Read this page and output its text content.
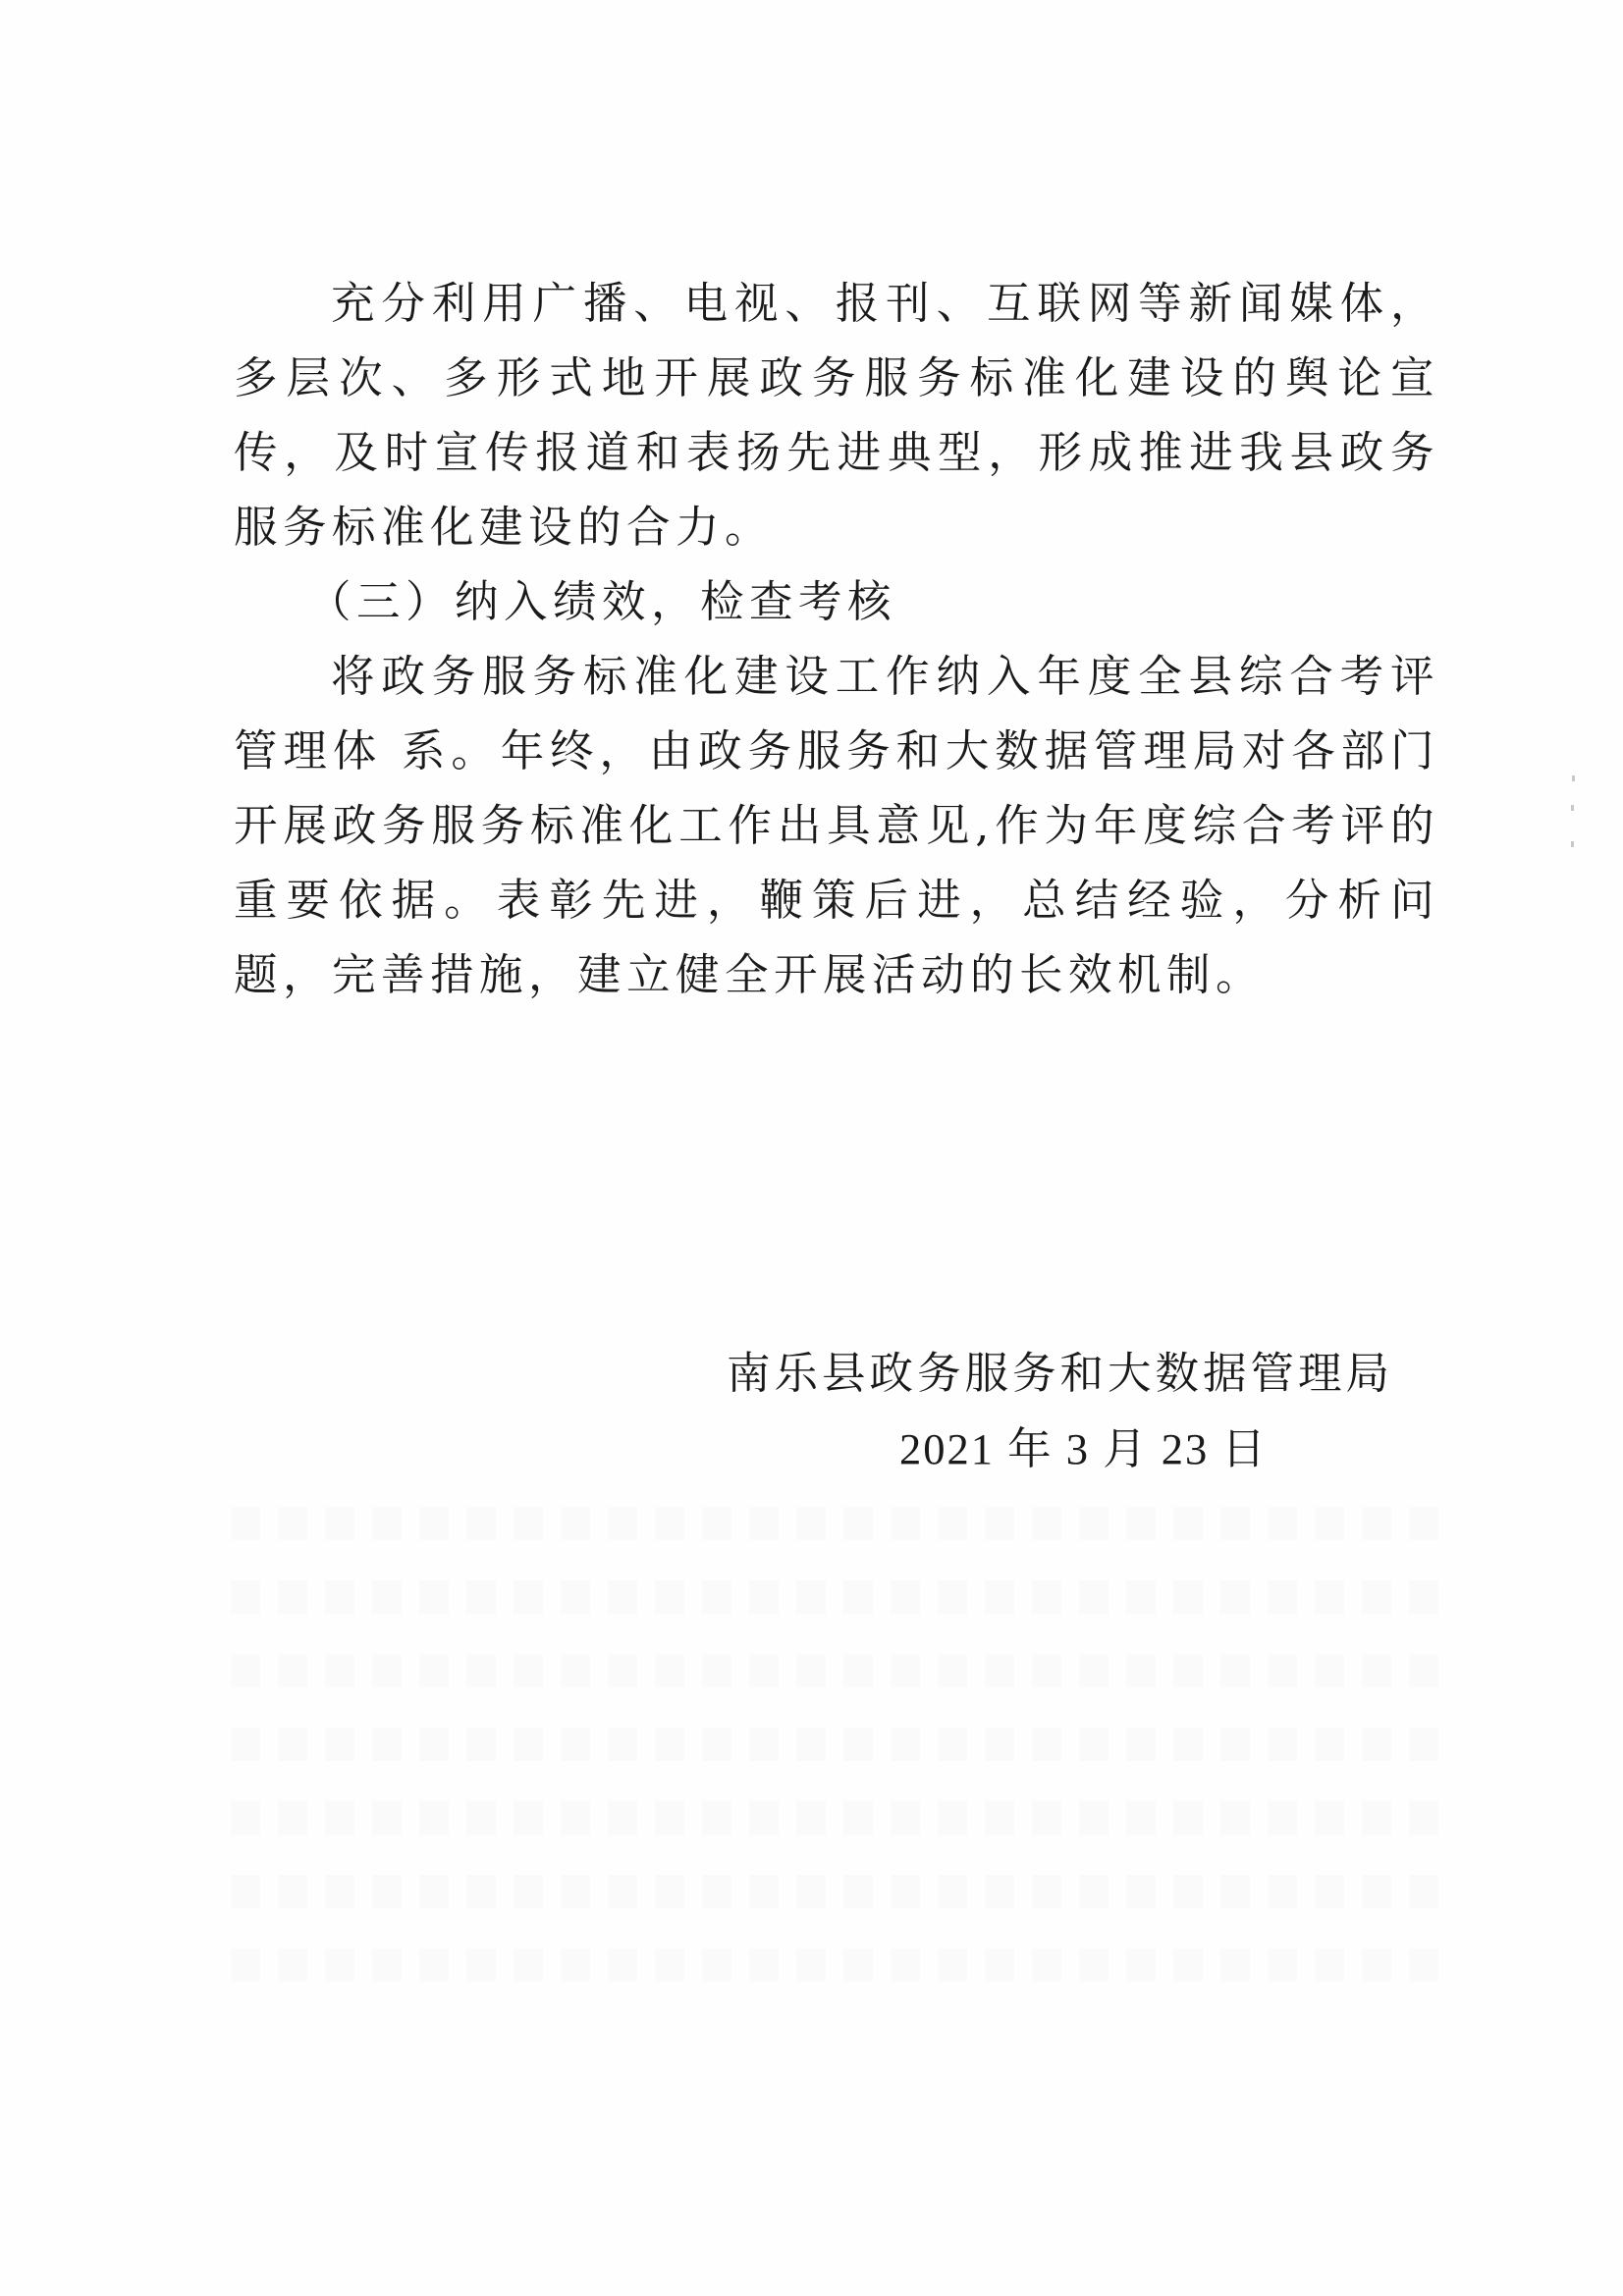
充分利用广播、电视、报刊、互联网等新闻媒体，多层次、多形式地开展政务服务标准化建设的舆论宣传，及时宣传报道和表扬先进典型，形成推进我县政务服务标准化建设的合力。

（三）纳入绩效，检查考核

将政务服务标准化建设工作纳入年度全县综合考评管理体 系。年终，由政务服务和大数据管理局对各部门开展政务服务标准化工作出具意见,作为年度综合考评的重要依据。表彰先进，鞭策后进，总结经验，分析问题，完善措施，建立健全开展活动的长效机制。

南乐县政务服务和大数据管理局
2021 年 3 月 23 日
